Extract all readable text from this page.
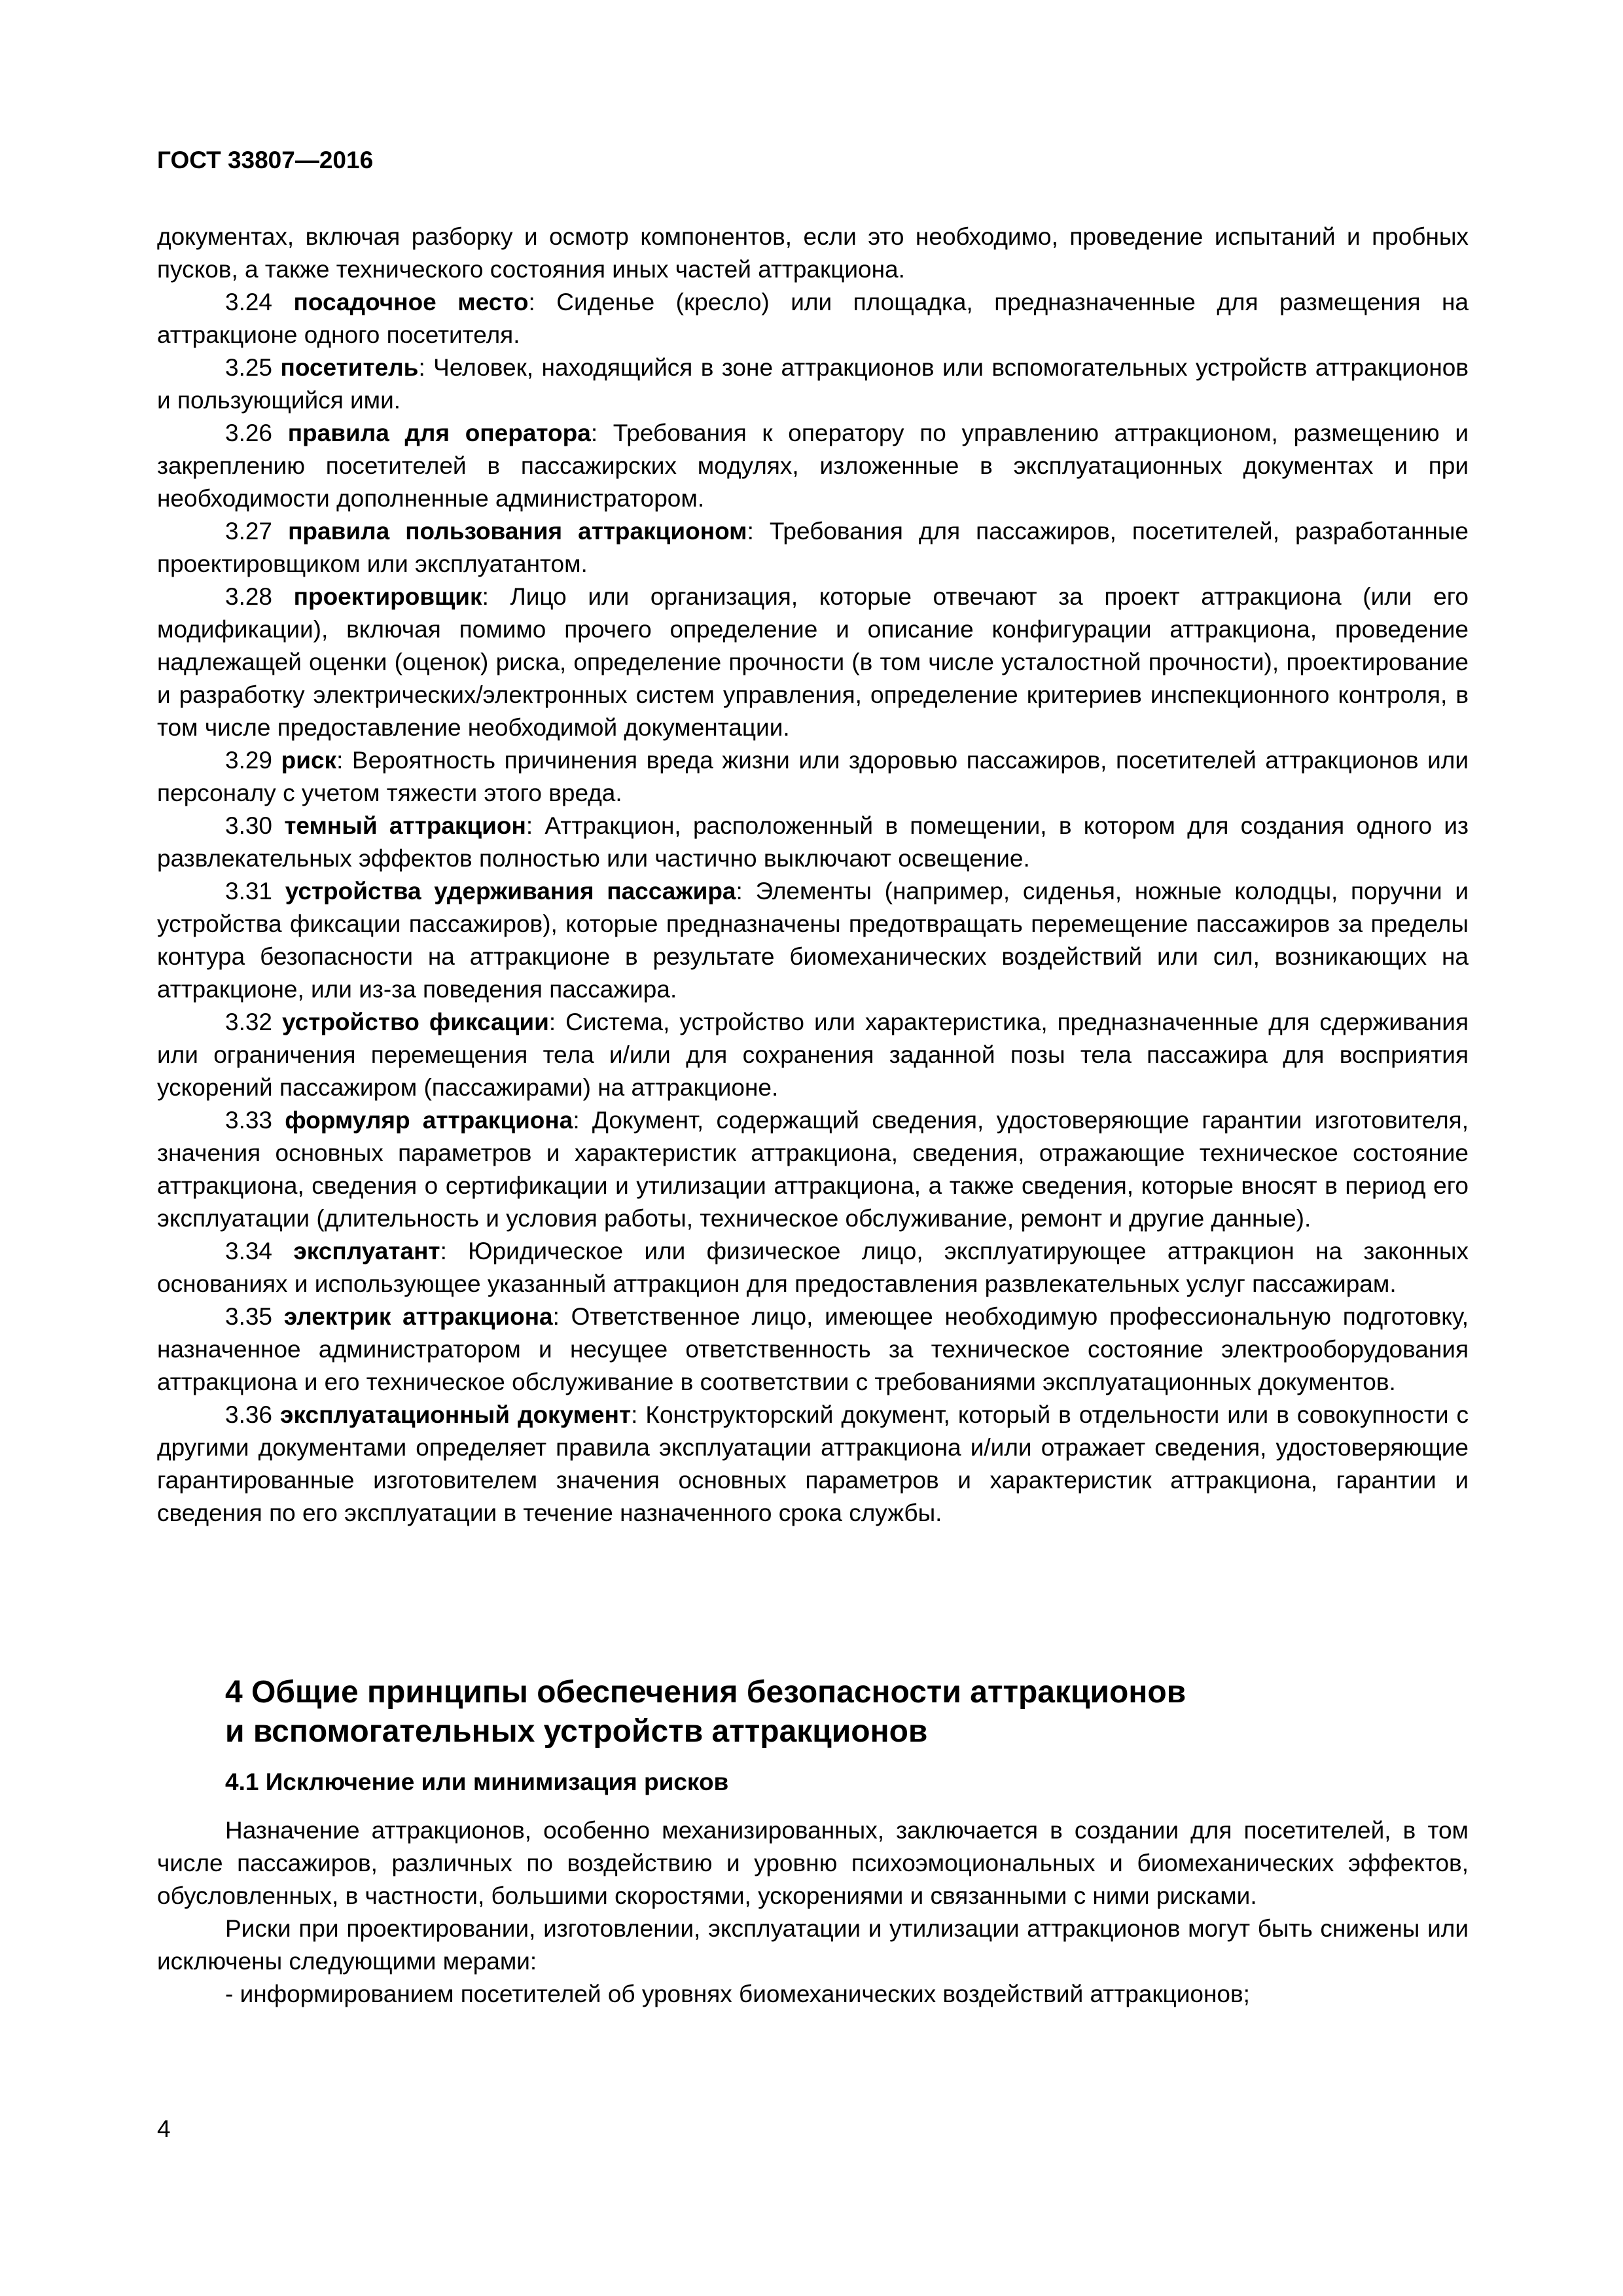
ГОСТ 33807—2016

документах, включая разборку и осмотр компонентов, если это необходимо, проведение испытаний и пробных пусков, а также технического состояния иных частей аттракциона.

3.24 посадочное место: Сиденье (кресло) или площадка, предназначенные для размещения на аттракционе одного посетителя.

3.25 посетитель: Человек, находящийся в зоне аттракционов или вспомогательных устройств аттракционов и пользующийся ими.

3.26 правила для оператора: Требования к оператору по управлению аттракционом, размещению и закреплению посетителей в пассажирских модулях, изложенные в эксплуатационных документах и при необходимости дополненные администратором.

3.27 правила пользования аттракционом: Требования для пассажиров, посетителей, разработанные проектировщиком или эксплуатантом.

3.28 проектировщик: Лицо или организация, которые отвечают за проект аттракциона (или его модификации), включая помимо прочего определение и описание конфигурации аттракциона, проведение надлежащей оценки (оценок) риска, определение прочности (в том числе усталостной прочности), проектирование и разработку электрических/электронных систем управления, определение критериев инспекционного контроля, в том числе предоставление необходимой документации.

3.29 риск: Вероятность причинения вреда жизни или здоровью пассажиров, посетителей аттракционов или персоналу с учетом тяжести этого вреда.

3.30 темный аттракцион: Аттракцион, расположенный в помещении, в котором для создания одного из развлекательных эффектов полностью или частично выключают освещение.

3.31 устройства удерживания пассажира: Элементы (например, сиденья, ножные колодцы, поручни и устройства фиксации пассажиров), которые предназначены предотвращать перемещение пассажиров за пределы контура безопасности на аттракционе в результате биомеханических воздействий или сил, возникающих на аттракционе, или из-за поведения пассажира.

3.32 устройство фиксации: Система, устройство или характеристика, предназначенные для сдерживания или ограничения перемещения тела и/или для сохранения заданной позы тела пассажира для восприятия ускорений пассажиром (пассажирами) на аттракционе.

3.33 формуляр аттракциона: Документ, содержащий сведения, удостоверяющие гарантии изготовителя, значения основных параметров и характеристик аттракциона, сведения, отражающие техническое состояние аттракциона, сведения о сертификации и утилизации аттракциона, а также сведения, которые вносят в период его эксплуатации (длительность и условия работы, техническое обслуживание, ремонт и другие данные).

3.34 эксплуатант: Юридическое или физическое лицо, эксплуатирующее аттракцион на законных основаниях и использующее указанный аттракцион для предоставления развлекательных услуг пассажирам.

3.35 электрик аттракциона: Ответственное лицо, имеющее необходимую профессиональную подготовку, назначенное администратором и несущее ответственность за техническое состояние электрооборудования аттракциона и его техническое обслуживание в соответствии с требованиями эксплуатационных документов.

3.36 эксплуатационный документ: Конструкторский документ, который в отдельности или в совокупности с другими документами определяет правила эксплуатации аттракциона и/или отражает сведения, удостоверяющие гарантированные изготовителем значения основных параметров и характеристик аттракциона, гарантии и сведения по его эксплуатации в течение назначенного срока службы.

4 Общие принципы обеспечения безопасности аттракционов
и вспомогательных устройств аттракционов
4.1 Исключение или минимизация рисков

Назначение аттракционов, особенно механизированных, заключается в создании для посетителей, в том числе пассажиров, различных по воздействию и уровню психоэмоциональных и биомеханических эффектов, обусловленных, в частности, большими скоростями, ускорениями и связанными с ними рисками.

Риски при проектировании, изготовлении, эксплуатации и утилизации аттракционов могут быть снижены или исключены следующими мерами:

- информированием посетителей об уровнях биомеханических воздействий аттракционов;

4
